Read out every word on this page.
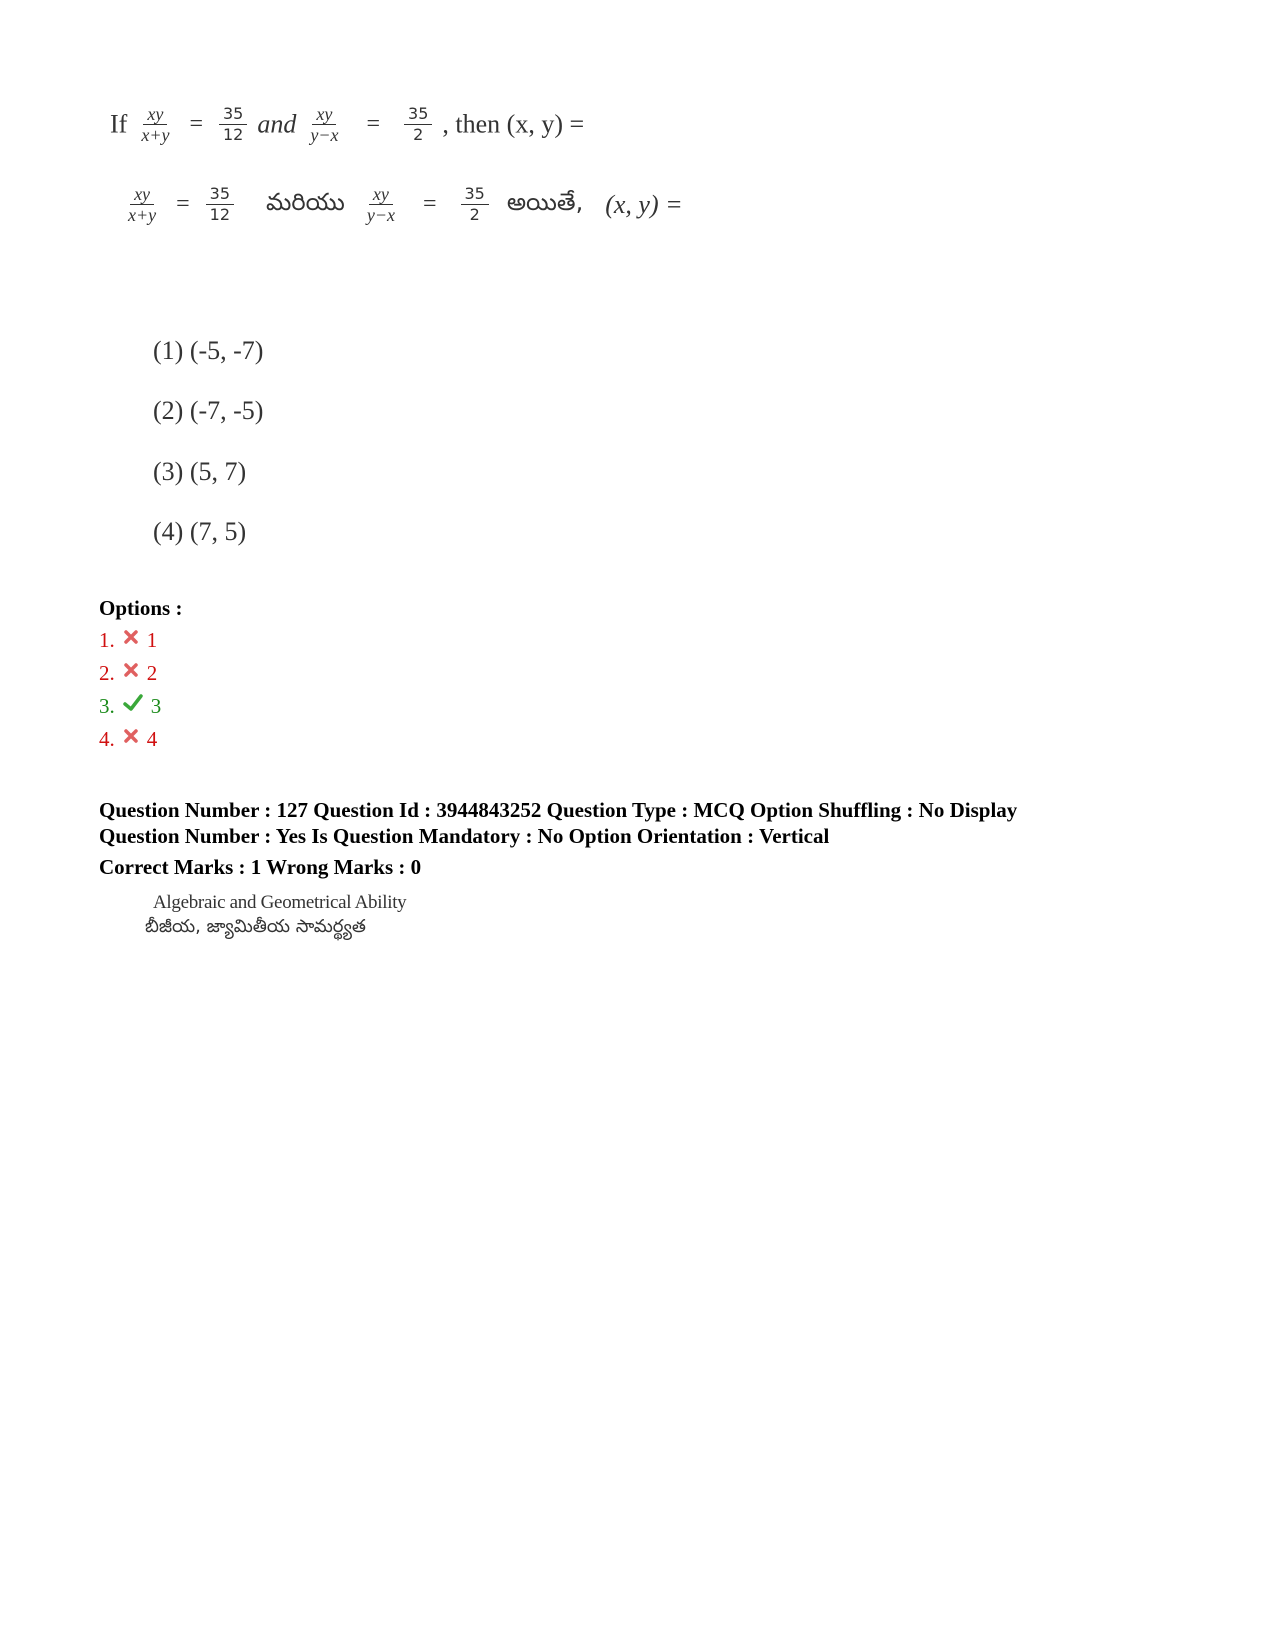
If $\frac{xy}{x+y} = \frac{35}{12}$ and $\frac{xy}{y-x} = \frac{35}{2}$ , then (x, y) =
$\frac{xy}{x+y} = \frac{35}{12}$ మరియు $\frac{xy}{y-x} = \frac{35}{2}$ అయితే, (x, y) =
(1) (-5, -7)
(2) (-7, -5)
(3) (5, 7)
(4) (7, 5)
Options :
1. 1
2. 2
3. 3
4. 4
Question Number : 127 Question Id : 3944843252 Question Type : MCQ Option Shuffling : No Display
Question Number : Yes Is Question Mandatory : No Option Orientation : Vertical
Correct Marks : 1 Wrong Marks : 0
Algebraic and Geometrical Ability
బీజీయ, జ్యామితీయ సామర్థ్యత
